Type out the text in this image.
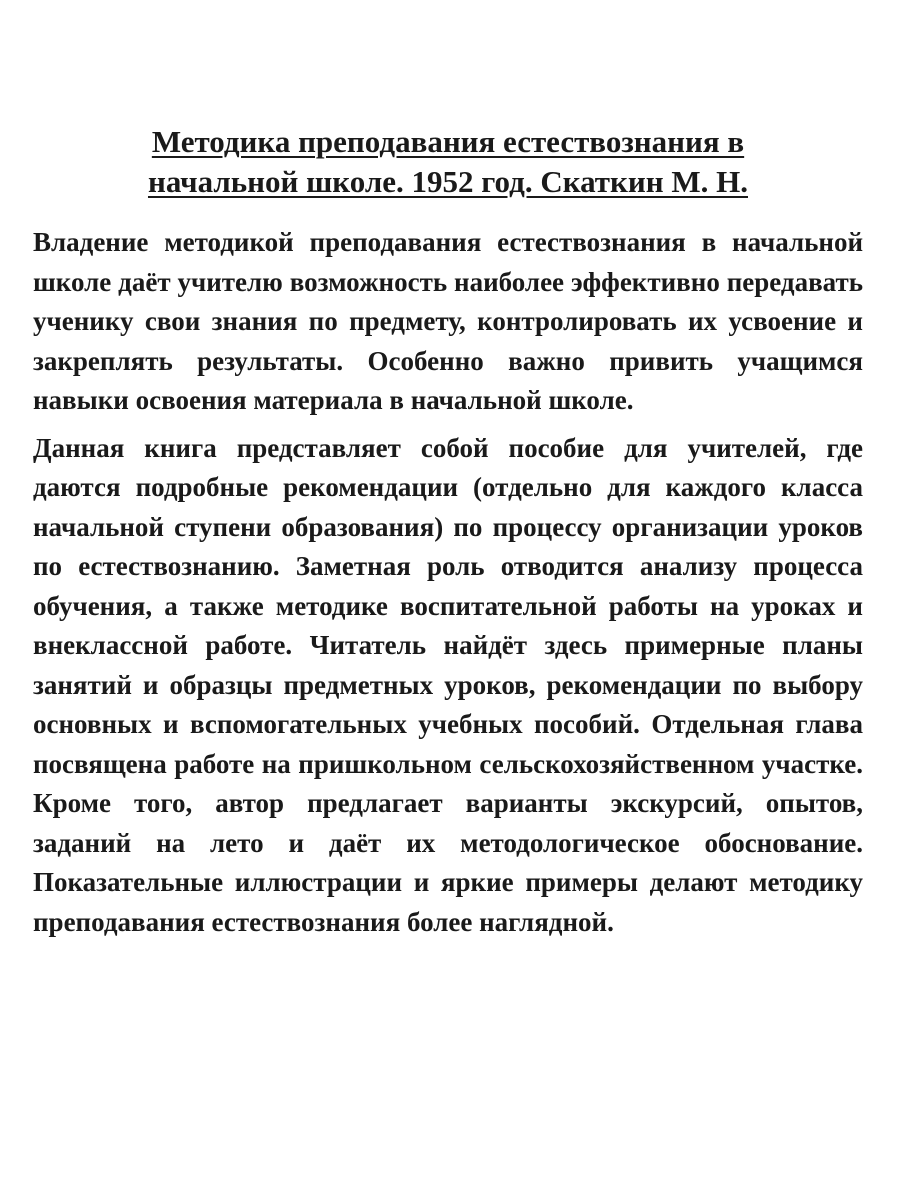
Методика преподавания естествознания в
начальной школе. 1952 год. Скаткин М. Н.

Владение методикой преподавания естествознания в начальной школе даёт учителю возможность наиболее эффективно передавать ученику свои знания по предмету, контролировать их усвоение и закреплять результаты. Особенно важно привить учащимся навыки освоения материала в начальной школе.

Данная книга представляет собой пособие для учителей, где даются подробные рекомендации (отдельно для каждого класса начальной ступени образования) по процессу организации уроков по естествознанию. Заметная роль отводится анализу процесса обучения, а также методике воспитательной работы на уроках и внеклассной работе. Читатель найдёт здесь примерные планы занятий и образцы предметных уроков, рекомендации по выбору основных и вспомогательных учебных пособий. Отдельная глава посвящена работе на пришкольном сельскохозяйственном участке. Кроме того, автор предлагает варианты экскурсий, опытов, заданий на лето и даёт их методологическое обоснование. Показательные иллюстрации и яркие примеры делают методику преподавания естествознания более наглядной.
